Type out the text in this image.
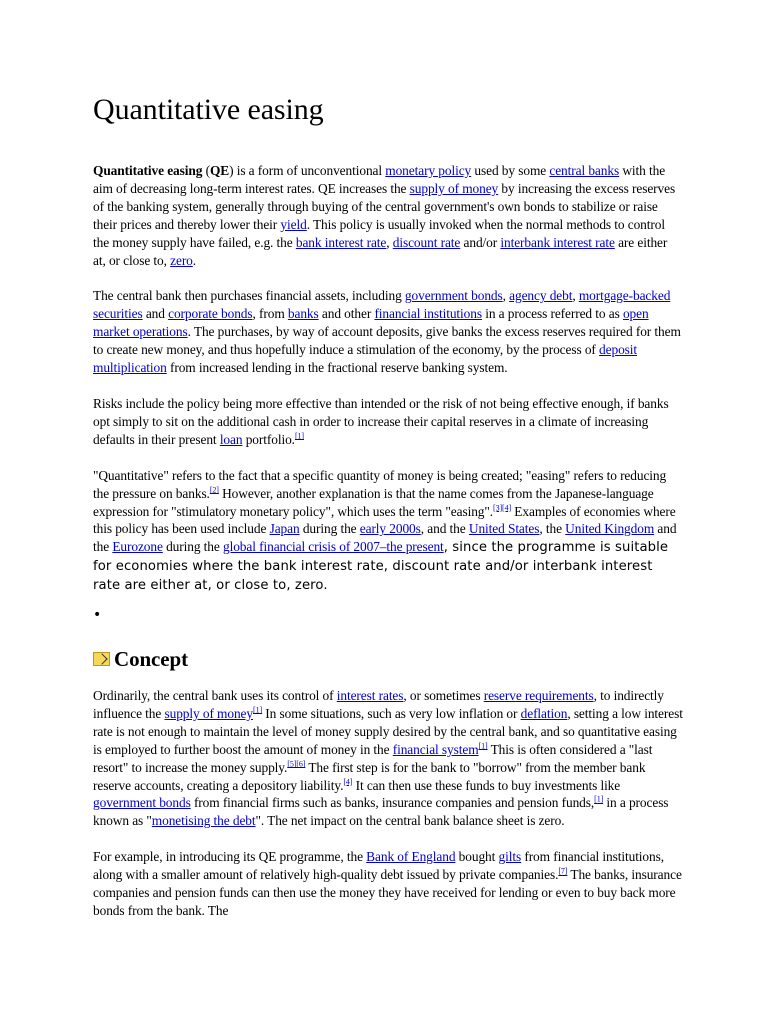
Quantitative easing

Quantitative easing (QE) is a form of unconventional monetary policy used by some central banks with the aim of decreasing long-term interest rates. QE increases the supply of money by increasing the excess reserves of the banking system, generally through buying of the central government's own bonds to stabilize or raise their prices and thereby lower their yield. This policy is usually invoked when the normal methods to control the money supply have failed, e.g. the bank interest rate, discount rate and/or interbank interest rate are either at, or close to, zero.

The central bank then purchases financial assets, including government bonds, agency debt, mortgage-backed securities and corporate bonds, from banks and other financial institutions in a process referred to as open market operations. The purchases, by way of account deposits, give banks the excess reserves required for them to create new money, and thus hopefully induce a stimulation of the economy, by the process of deposit multiplication from increased lending in the fractional reserve banking system.

Risks include the policy being more effective than intended or the risk of not being effective enough, if banks opt simply to sit on the additional cash in order to increase their capital reserves in a climate of increasing defaults in their present loan portfolio.[1]

"Quantitative" refers to the fact that a specific quantity of money is being created; "easing" refers to reducing the pressure on banks.[2] However, another explanation is that the name comes from the Japanese-language expression for "stimulatory monetary policy", which uses the term "easing".[3][4] Examples of economies where this policy has been used include Japan during the early 2000s, and the United States, the United Kingdom and the Eurozone during the global financial crisis of 2007–the present, since the programme is suitable for economies where the bank interest rate, discount rate and/or interbank interest rate are either at, or close to, zero.

•
Concept

Ordinarily, the central bank uses its control of interest rates, or sometimes reserve requirements, to indirectly influence the supply of money[1] In some situations, such as very low inflation or deflation, setting a low interest rate is not enough to maintain the level of money supply desired by the central bank, and so quantitative easing is employed to further boost the amount of money in the financial system[1] This is often considered a "last resort" to increase the money supply.[5][6] The first step is for the bank to "borrow" from the member bank reserve accounts, creating a depository liability.[4] It can then use these funds to buy investments like government bonds from financial firms such as banks, insurance companies and pension funds,[1] in a process known as "monetising the debt". The net impact on the central bank balance sheet is zero.

For example, in introducing its QE programme, the Bank of England bought gilts from financial institutions, along with a smaller amount of relatively high-quality debt issued by private companies.[7] The banks, insurance companies and pension funds can then use the money they have received for lending or even to buy back more bonds from the bank. The
